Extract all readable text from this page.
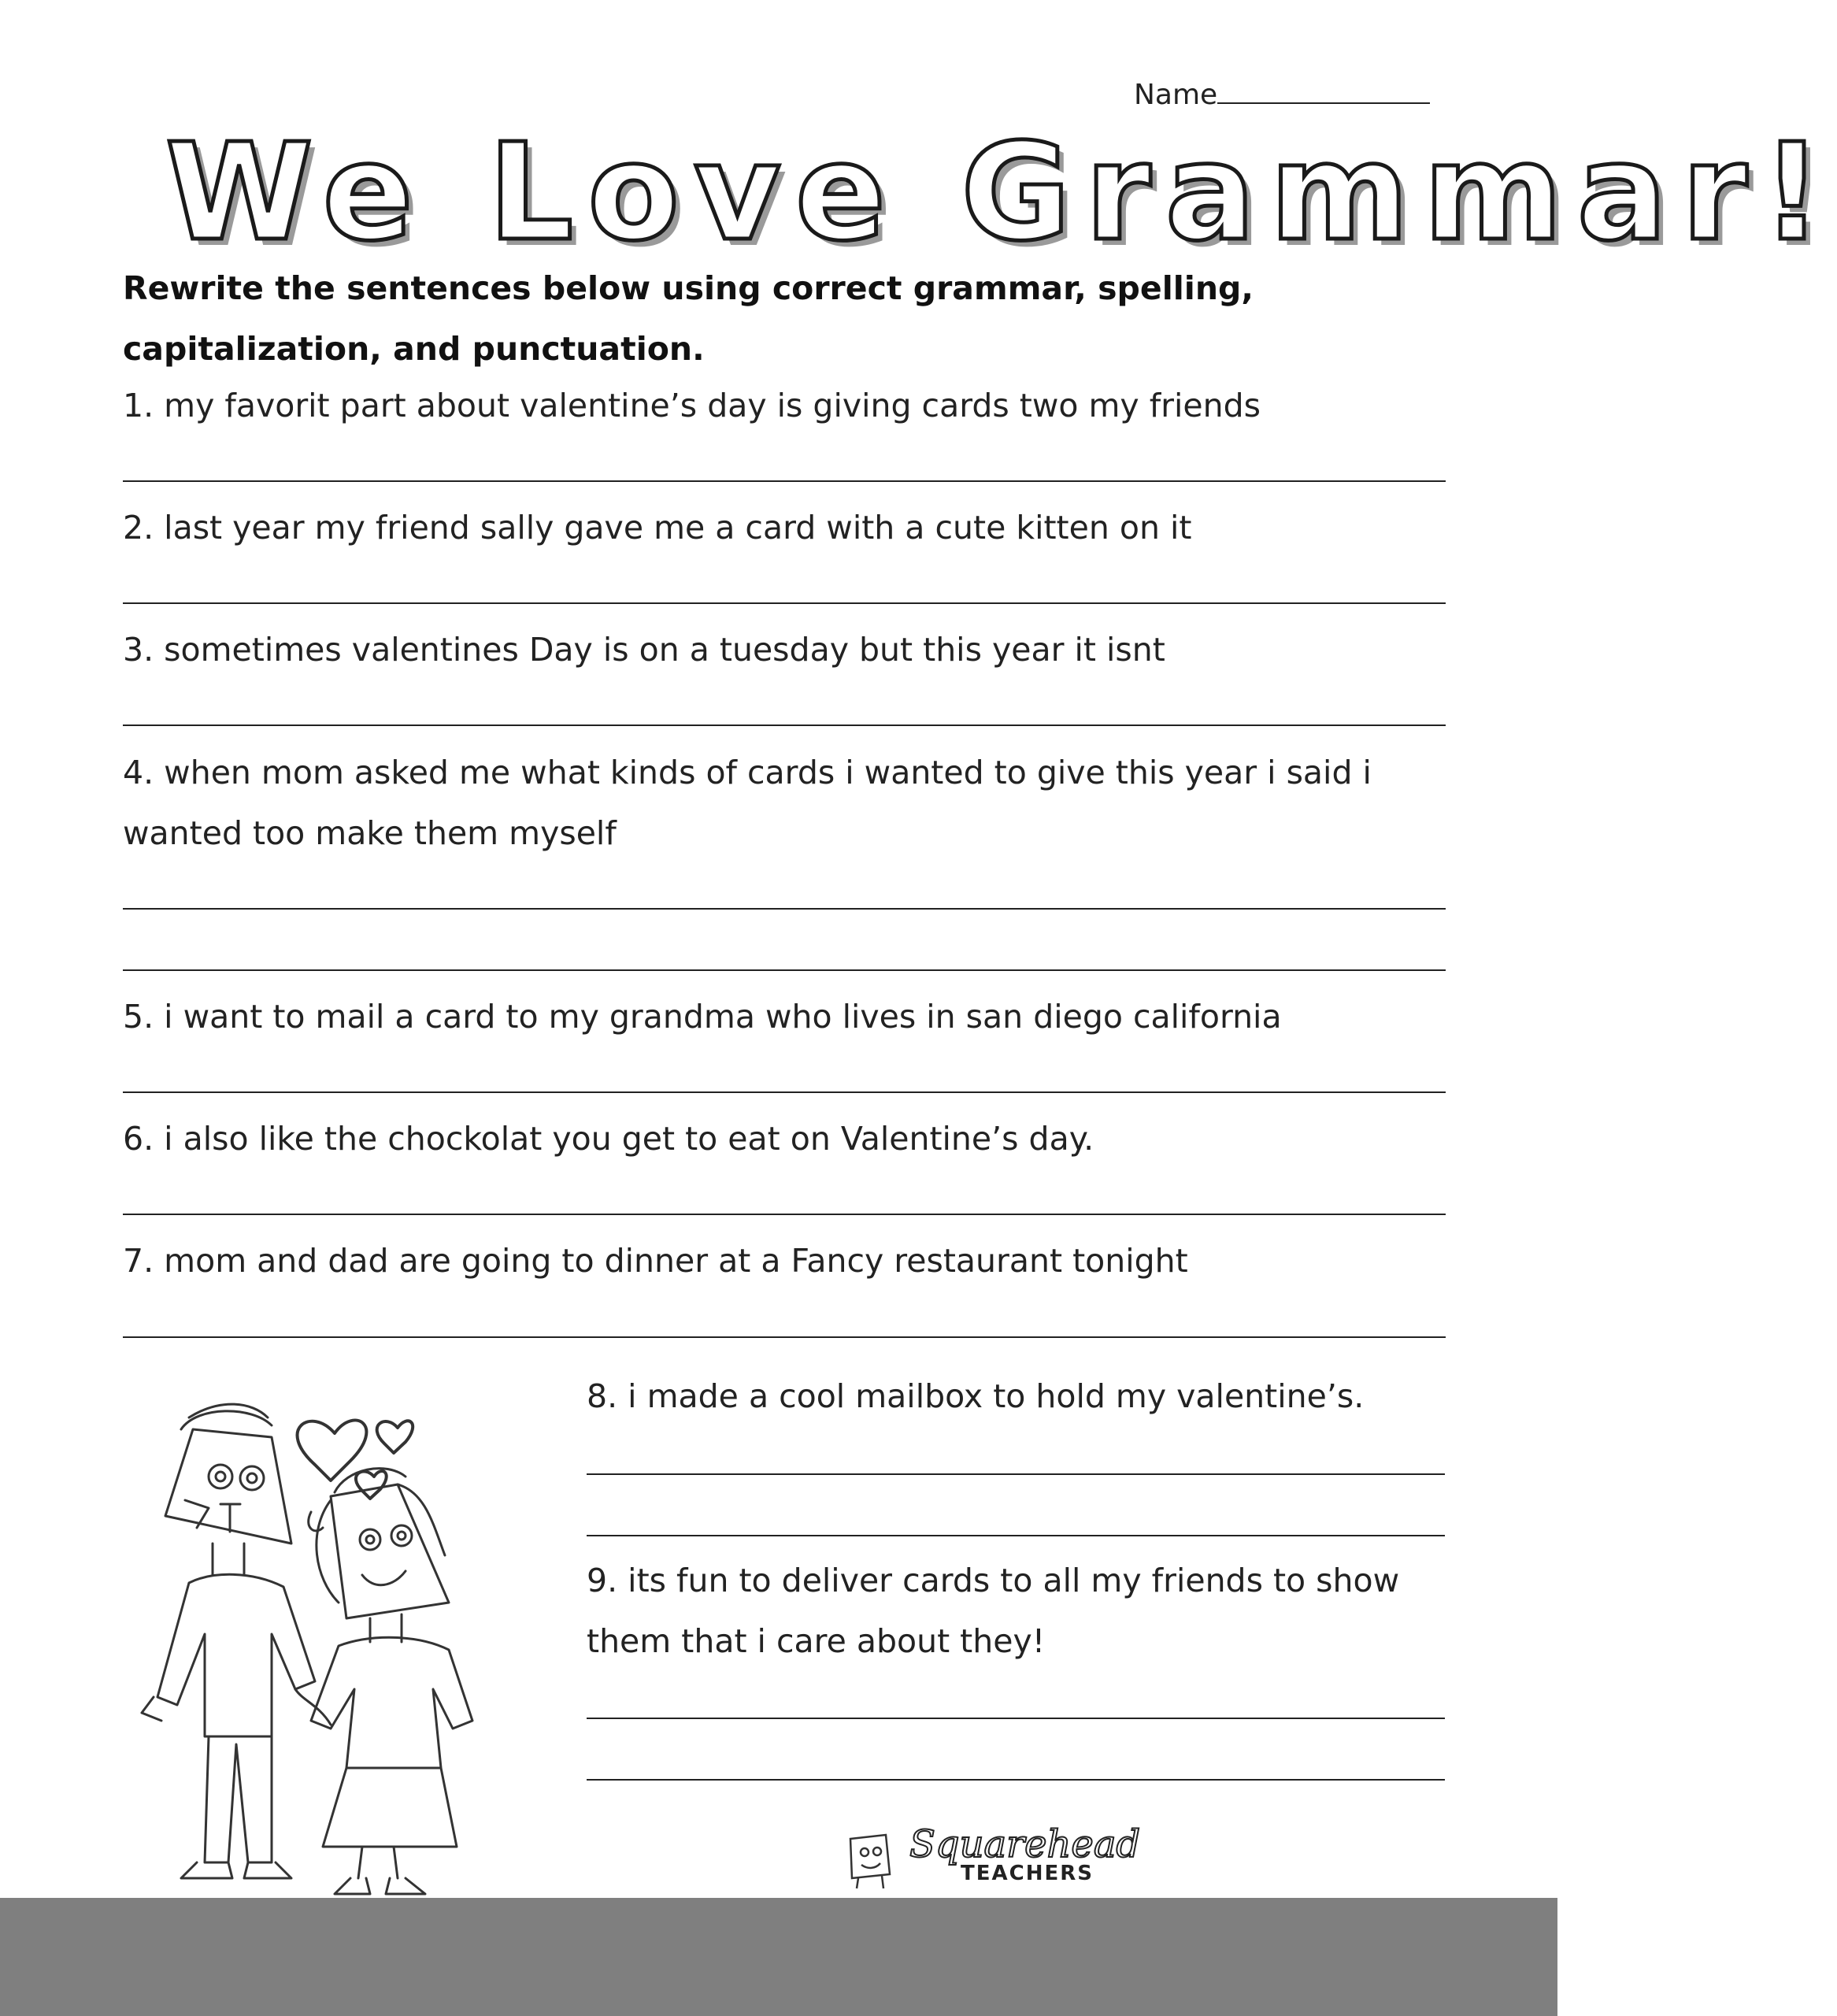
Name
We Love Grammar!
Rewrite the sentences below using correct grammar, spelling, capitalization, and punctuation.
1. my favorit part about valentine’s day is giving cards two my friends
2. last year my friend sally gave me a card with a cute kitten on it
3. sometimes valentines Day is on a tuesday but this year it isnt
4. when mom asked me what kinds of cards i wanted to give this year i said i wanted too make them myself
5. i want to mail a card to my grandma who lives in san diego california
6. i also like the chockolat you get to eat on Valentine’s day.
7. mom and dad are going to dinner at a Fancy restaurant tonight
8. i made a cool mailbox to hold my valentine’s.
9. its fun to deliver cards to all my friends to show them that i care about they!
Squarehead
TEACHERS
